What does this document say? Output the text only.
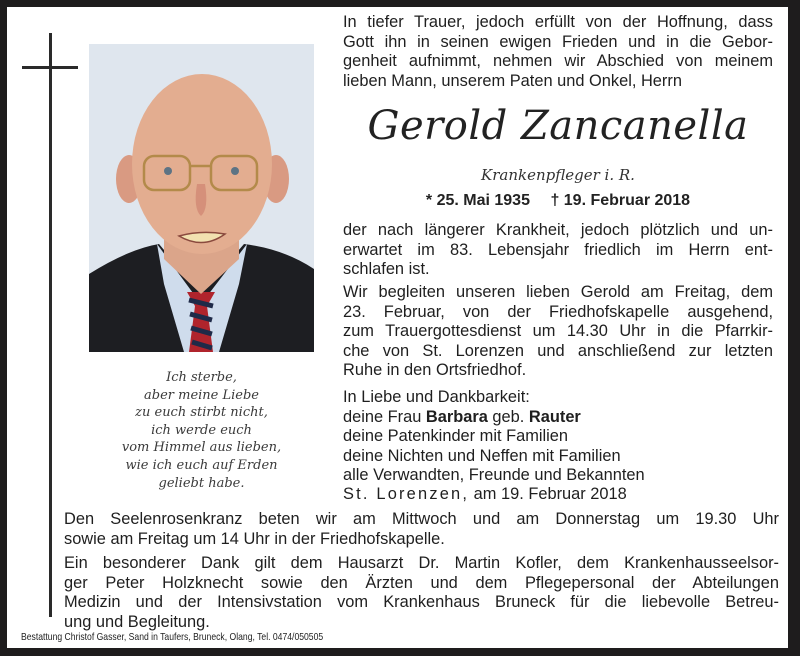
Ich sterbe,
aber meine Liebe
zu euch stirbt nicht,
ich werde euch
vom Himmel aus lieben,
wie ich euch auf Erden
geliebt habe.
In tiefer Trauer, jedoch erfüllt von der Hoffnung, dass
Gott ihn in seinen ewigen Frieden und in die Gebor-
genheit aufnimmt, nehmen wir Abschied von meinem
lieben Mann, unserem Paten und Onkel, Herrn
Gerold Zancanella
Krankenpfleger i. R.
* 25. Mai 1935 † 19. Februar 2018
der nach längerer Krankheit, jedoch plötzlich und un-
erwartet im 83. Lebensjahr friedlich im Herrn ent-
schlafen ist.
Wir begleiten unseren lieben Gerold am Freitag, dem
23. Februar, von der Friedhofskapelle ausgehend,
zum Trauergottesdienst um 14.30 Uhr in die Pfarrkir-
che von St. Lorenzen und anschließend zur letzten
Ruhe in den Ortsfriedhof.
In Liebe und Dankbarkeit:
deine Frau Barbara geb. Rauter
deine Patenkinder mit Familien
deine Nichten und Neffen mit Familien
alle Verwandten, Freunde und Bekannten
St. Lorenzen, am 19. Februar 2018
Den Seelenrosenkranz beten wir am Mittwoch und am Donnerstag um 19.30 Uhr
sowie am Freitag um 14 Uhr in der Friedhofskapelle.
Ein besonderer Dank gilt dem Hausarzt Dr. Martin Kofler, dem Krankenhausseelsor-
ger Peter Holzknecht sowie den Ärzten und dem Pflegepersonal der Abteilungen
Medizin und der Intensivstation vom Krankenhaus Bruneck für die liebevolle Betreu-
ung und Begleitung.
Bestattung Christof Gasser, Sand in Taufers, Bruneck, Olang, Tel. 0474/050505
